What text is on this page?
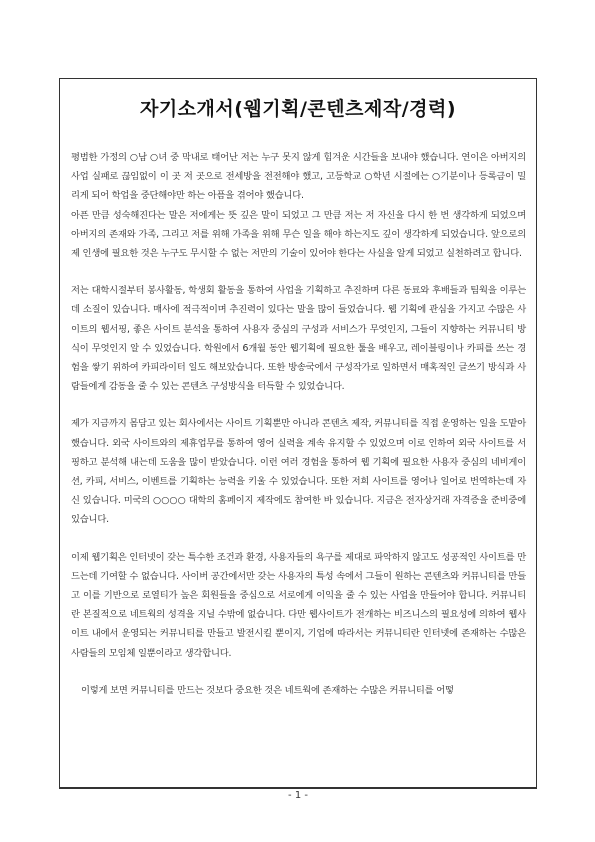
자기소개서(웹기획/콘텐츠제작/경력)

평범한 가정의 ○남 ○녀 중 막내로 태어난 저는 누구 못지 않게 힘겨운 시간들을 보내야 했습니다. 연이은 아버지의 사업 실패로 끊임없이 이 곳 저 곳으로 전세방을 전전해야 했고, 고등학교 ○학년 시절에는 ○기분이나 등록금이 밀리게 되어 학업을 중단해야만 하는 아픔을 겪어야 했습니다.

아픈 만큼 성숙해진다는 말은 저에게는 뜻 깊은 말이 되었고 그 만큼 저는 저 자신을 다시 한 번 생각하게 되었으며 아버지의 존재와 가족, 그리고 저를 위해 가족을 위해 무슨 일을 해야 하는지도 깊이 생각하게 되었습니다. 앞으로의 제 인생에 필요한 것은 누구도 무시할 수 없는 저만의 기술이 있어야 한다는 사실을 알게 되었고 실천하려고 합니다.

저는 대학시절부터 봉사활동, 학생회 활동을 통하여 사업을 기획하고 추진하며 다른 동료와 후배들과 팀웍을 이루는데 소질이 있습니다. 매사에 적극적이며 추진력이 있다는 말을 많이 들었습니다. 웹 기획에 관심을 가지고 수많은 사이트의 웹서핑, 좋은 사이트 분석을 통하여 사용자 중심의 구성과 서비스가 무엇인지, 그들이 지향하는 커뮤니티 방식이 무엇인지 알 수 있었습니다. 학원에서 6개월 동안 웹기획에 필요한 툴을 배우고, 레이블링이나 카피를 쓰는 경험을 쌓기 위하여 카피라이터 일도 해보았습니다. 또한 방송국에서 구성작가로 일하면서 매혹적인 글쓰기 방식과 사람들에게 감동을 줄 수 있는 콘텐츠 구성방식을 터득할 수 있었습니다.

제가 지금까지 몸담고 있는 회사에서는 사이트 기획뿐만 아니라 콘텐츠 제작, 커뮤니티를 직접 운영하는 일을 도맡아 했습니다. 외국 사이트와의 제휴업무를 통하여 영어 실력을 계속 유지할 수 있었으며 이로 인하여 외국 사이트를 서핑하고 분석해 내는데 도움을 많이 받았습니다. 이런 여러 경험을 통하여 웹 기획에 필요한 사용자 중심의 네비게이션, 카피, 서비스, 이벤트를 기획하는 능력을 키울 수 있었습니다. 또한 저희 사이트를 영어나 일어로 번역하는데 자신 있습니다. 미국의 ○○○○ 대학의 홈페이지 제작에도 참여한 바 있습니다. 지금은 전자상거래 자격증을 준비중에 있습니다.

이제 웹기획은 인터넷이 갖는 특수한 조건과 환경, 사용자들의 욕구를 제대로 파악하지 않고도 성공적인 사이트를 만드는데 기여할 수 없습니다. 사이버 공간에서만 갖는 사용자의 특성 속에서 그들이 원하는 콘텐츠와 커뮤니티를 만들고 이를 기반으로 로열티가 높은 회원들을 중심으로 서로에게 이익을 줄 수 있는 사업을 만들어야 합니다. 커뮤니티란 본질적으로 네트웍의 성격을 지닐 수밖에 없습니다. 다만 웹사이트가 전개하는 비즈니스의 필요성에 의하여 웹사이트 내에서 운영되는 커뮤니티를 만들고 발전시킬 뿐이지, 기업에 따라서는 커뮤니티란 인터넷에 존재하는 수많은 사람들의 모임체 일뿐이라고 생각합니다.

이렇게 보면 커뮤니티를 만드는 것보다 중요한 것은 네트웍에 존재하는 수많은 커뮤니티를 어떻

- 1 -
